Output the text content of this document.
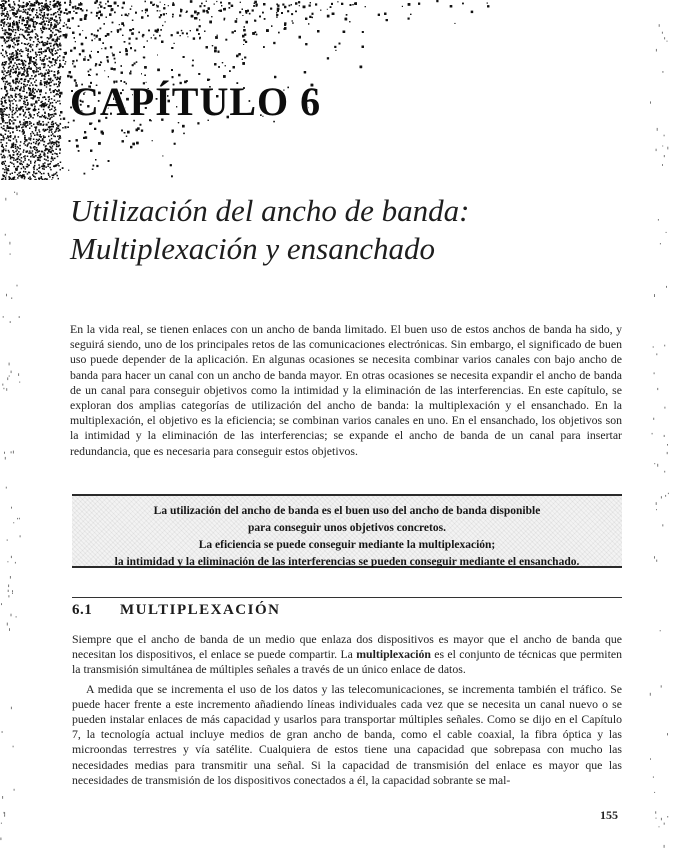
CAPÍTULO 6
Utilización del ancho de banda:
Multiplexación y ensanchado

En la vida real, se tienen enlaces con un ancho de banda limitado. El buen uso de estos anchos de banda ha sido, y seguirá siendo, uno de los principales retos de las comunicaciones electrónicas. Sin embargo, el significado de buen uso puede depender de la aplicación. En algunas ocasiones se necesita combinar varios canales con bajo ancho de banda para hacer un canal con un ancho de banda mayor. En otras ocasiones se necesita expandir el ancho de banda de un canal para conseguir objetivos como la intimidad y la eliminación de las interferencias. En este capítulo, se exploran dos amplias categorías de utilización del ancho de banda: la multiplexación y el ensanchado. En la multiplexación, el objetivo es la eficiencia; se combinan varios canales en uno. En el ensanchado, los objetivos son la intimidad y la eliminación de las interferencias; se expande el ancho de banda de un canal para insertar redundancia, que es necesaria para conseguir estos objetivos.

La utilización del ancho de banda es el buen uso del ancho de banda disponible

para conseguir unos objetivos concretos.

La eficiencia se puede conseguir mediante la multiplexación;

la intimidad y la eliminación de las interferencias se pueden conseguir mediante el ensanchado.

6.1 MULTIPLEXACIÓN

Siempre que el ancho de banda de un medio que enlaza dos dispositivos es mayor que el ancho de banda que necesitan los dispositivos, el enlace se puede compartir. La multiplexación es el conjunto de técnicas que permiten la transmisión simultánea de múltiples señales a través de un único enlace de datos.

A medida que se incrementa el uso de los datos y las telecomunicaciones, se incrementa también el tráfico. Se puede hacer frente a este incremento añadiendo líneas individuales cada vez que se necesita un canal nuevo o se pueden instalar enlaces de más capacidad y usarlos para transportar múltiples señales. Como se dijo en el Capítulo 7, la tecnología actual incluye medios de gran ancho de banda, como el cable coaxial, la fibra óptica y las microondas terrestres y vía satélite. Cualquiera de estos tiene una capacidad que sobrepasa con mucho las necesidades medias para transmitir una señal. Si la capacidad de transmisión del enlace es mayor que las necesidades de transmisión de los dispositivos conectados a él, la capacidad sobrante se mal-

155
